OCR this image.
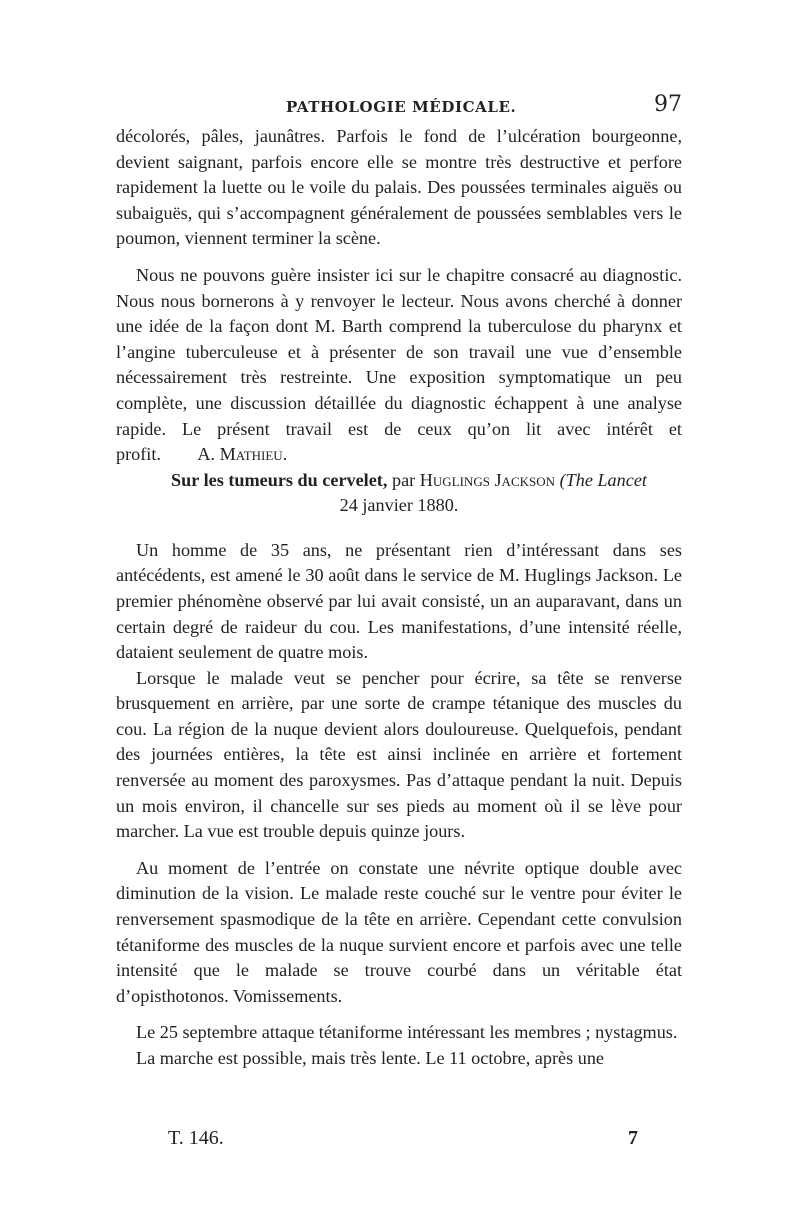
PATHOLOGIE MÉDICALE.	97

décolorés, pâles, jaunâtres. Parfois le fond de l’ulcération bourgeonne, devient saignant, parfois encore elle se montre très destructive et perfore rapidement la luette ou le voile du palais. Des poussées terminales aiguës ou subaiguës, qui s’accompagnent généralement de poussées semblables vers le poumon, viennent terminer la scène.

Nous ne pouvons guère insister ici sur le chapitre consacré au diagnostic. Nous nous bornerons à y renvoyer le lecteur. Nous avons cherché à donner une idée de la façon dont M. Barth comprend la tuberculose du pharynx et l’angine tuberculeuse et à présenter de son travail une vue d’ensemble nécessairement très restreinte. Une exposition symptomatique un peu complète, une discussion détaillée du diagnostic échappent à une analyse rapide. Le présent travail est de ceux qu’on lit avec intérêt et profit. A. Mathieu.

Sur les tumeurs du cervelet, par Huglings Jackson (The Lancet
24 janvier 1880.

Un homme de 35 ans, ne présentant rien d’intéressant dans ses antécédents, est amené le 30 août dans le service de M. Huglings Jackson. Le premier phénomène observé par lui avait consisté, un an auparavant, dans un certain degré de raideur du cou. Les manifestations, d’une intensité réelle, dataient seulement de quatre mois.

Lorsque le malade veut se pencher pour écrire, sa tête se renverse brusquement en arrière, par une sorte de crampe tétanique des muscles du cou. La région de la nuque devient alors douloureuse. Quelquefois, pendant des journées entières, la tête est ainsi inclinée en arrière et fortement renversée au moment des paroxysmes. Pas d’attaque pendant la nuit. Depuis un mois environ, il chancelle sur ses pieds au moment où il se lève pour marcher. La vue est trouble depuis quinze jours.

Au moment de l’entrée on constate une névrite optique double avec diminution de la vision. Le malade reste couché sur le ventre pour éviter le renversement spasmodique de la tête en arrière. Cependant cette convulsion tétaniforme des muscles de la nuque survient encore et parfois avec une telle intensité que le malade se trouve courbé dans un véritable état d’opisthotonos. Vomissements.

Le 25 septembre attaque tétaniforme intéressant les membres ; nystagmus.

La marche est possible, mais très lente. Le 11 octobre, après une

T. 146.	7
